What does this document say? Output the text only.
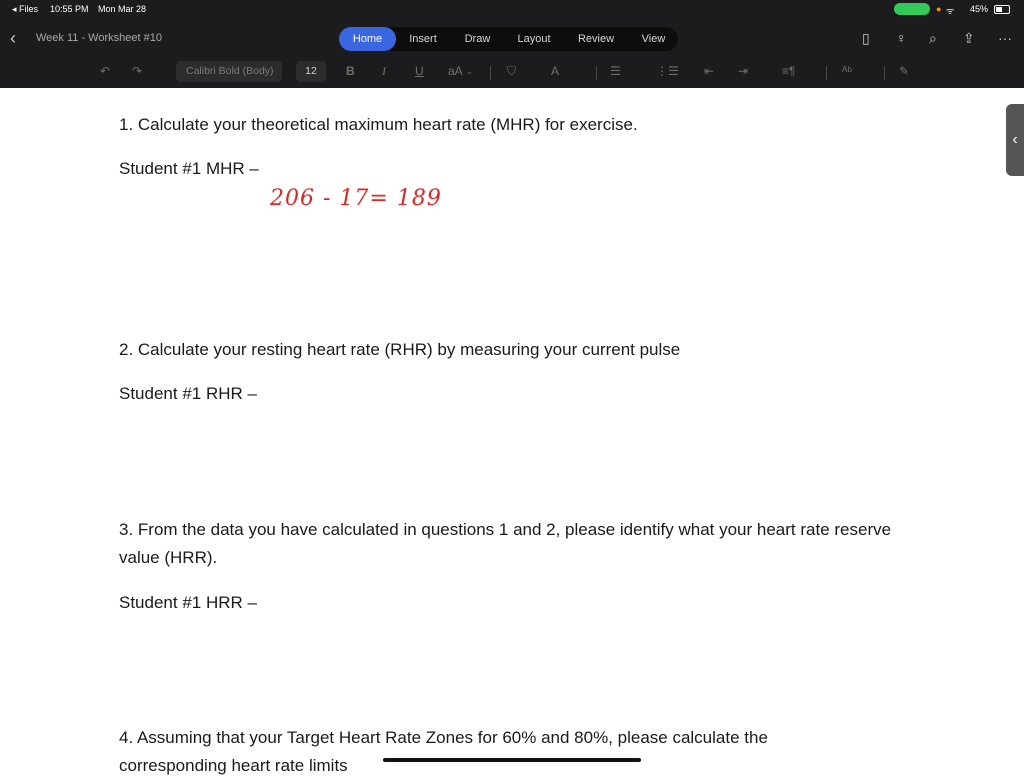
◂ Files 10:55 PM Mon Mar 28	● ᯤ 45%
‹ Week 11 - Worksheet #10	Home	Insert	Draw	Layout	Review	View	▯ ♀ ⌕ ⇪ ···
↶ ↷	Calibri Bold (Body)	12	B I U aA ⌄	⛉	A	☰	⋮☰ ⇤ ⇥	≡¶	ᴬᵇ	✎
1. Calculate your theoretical maximum heart rate (MHR) for exercise.
Student #1 MHR –
206 - 17= 189
2. Calculate your resting heart rate (RHR) by measuring your current pulse
Student #1 RHR –
3. From the data you have calculated in questions 1 and 2, please identify what your heart rate reserve value (HRR).
Student #1 HRR –
4. Assuming that your Target Heart Rate Zones for 60% and 80%, please calculate the corresponding heart rate limits
‹
